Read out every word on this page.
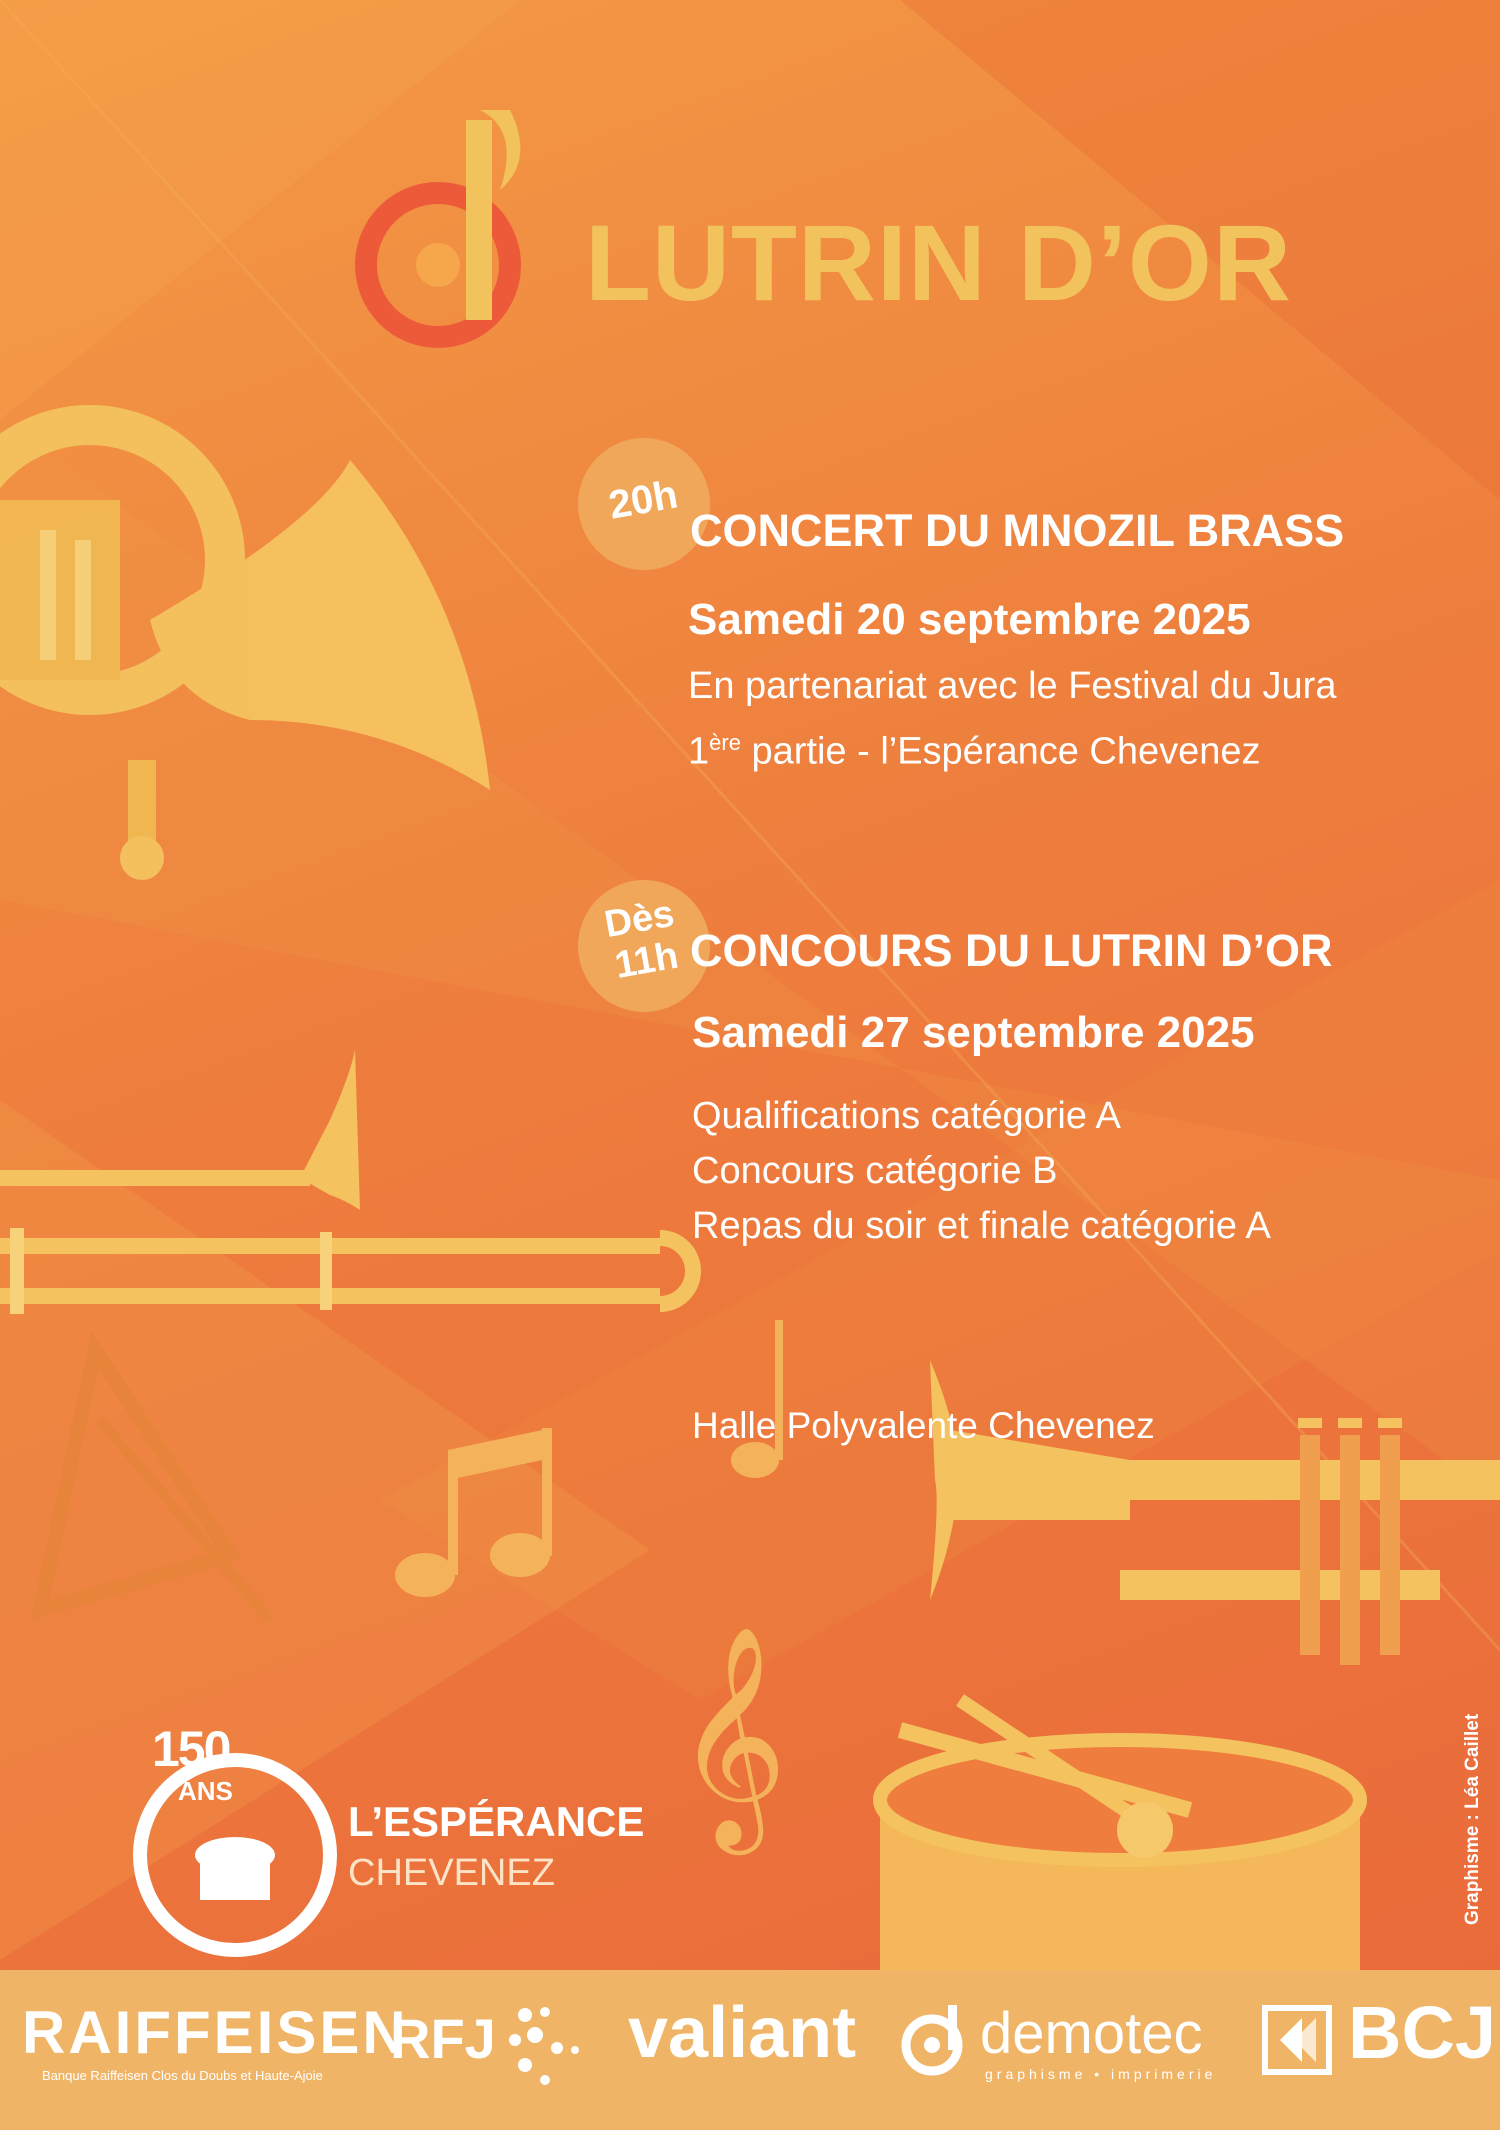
𝄞
LUTRIN D’OR
20h
CONCERT DU MNOZIL BRASS
Samedi 20 septembre 2025
En partenariat avec le Festival du Jura
1ère partie - l’Espérance Chevenez
Dès
11h CONCOURS DU LUTRIN D’OR
Samedi 27 septembre 2025
Qualifications catégorie A
Concours catégorie B
Repas du soir et finale catégorie A
Halle Polyvalente Chevenez
Graphisme : Léa Caillet
150
ANS
L’ESPÉRANCE
CHEVENEZ
RAIFFEISEN
Banque Raiffeisen Clos du Doubs et Haute-Ajoie
RFJ valiant demotec
graphisme • imprimerie BCJ
